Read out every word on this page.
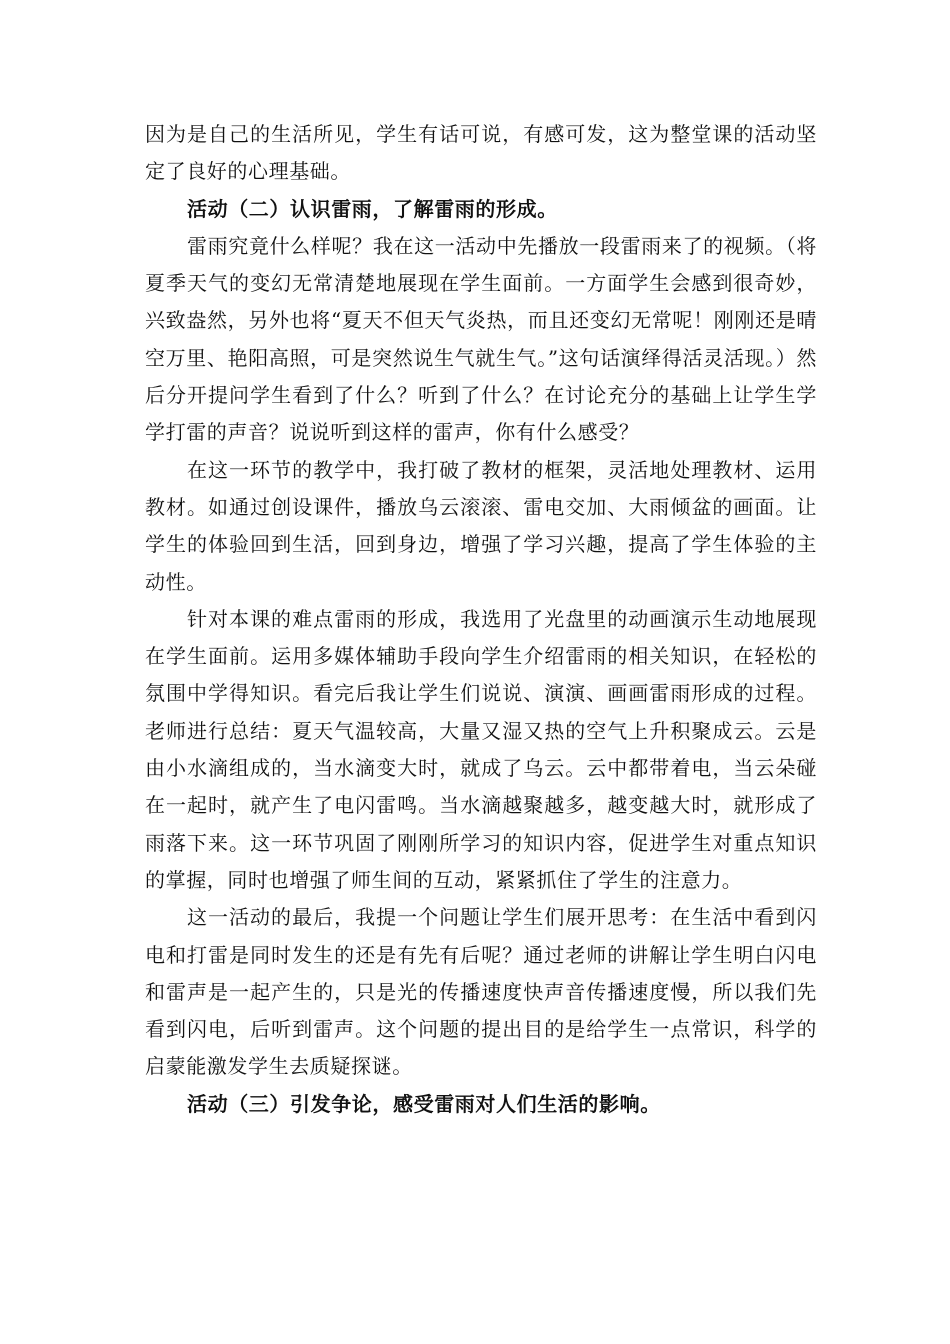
因为是自己的生活所见，学生有话可说，有感可发，这为整堂课的活动坚定了良好的心理基础。

活动（二）认识雷雨，了解雷雨的形成。

雷雨究竟什么样呢？我在这一活动中先播放一段雷雨来了的视频。（将夏季天气的变幻无常清楚地展现在学生面前。一方面学生会感到很奇妙，兴致盎然，另外也将“夏天不但天气炎热，而且还变幻无常呢！刚刚还是晴空万里、艳阳高照，可是突然说生气就生气。”这句话演绎得活灵活现。）然后分开提问学生看到了什么？听到了什么？在讨论充分的基础上让学生学学打雷的声音？说说听到这样的雷声，你有什么感受？

在这一环节的教学中，我打破了教材的框架，灵活地处理教材、运用教材。如通过创设课件，播放乌云滚滚、雷电交加、大雨倾盆的画面。让学生的体验回到生活，回到身边，增强了学习兴趣，提高了学生体验的主动性。

针对本课的难点雷雨的形成，我选用了光盘里的动画演示生动地展现在学生面前。运用多媒体辅助手段向学生介绍雷雨的相关知识，在轻松的氛围中学得知识。看完后我让学生们说说、演演、画画雷雨形成的过程。老师进行总结：夏天气温较高，大量又湿又热的空气上升积聚成云。云是由小水滴组成的，当水滴变大时，就成了乌云。云中都带着电，当云朵碰在一起时，就产生了电闪雷鸣。当水滴越聚越多，越变越大时，就形成了雨落下来。这一环节巩固了刚刚所学习的知识内容，促进学生对重点知识的掌握，同时也增强了师生间的互动，紧紧抓住了学生的注意力。

这一活动的最后，我提一个问题让学生们展开思考：在生活中看到闪电和打雷是同时发生的还是有先有后呢？通过老师的讲解让学生明白闪电和雷声是一起产生的，只是光的传播速度快声音传播速度慢，所以我们先看到闪电，后听到雷声。这个问题的提出目的是给学生一点常识，科学的启蒙能激发学生去质疑探谜。

活动（三）引发争论，感受雷雨对人们生活的影响。
